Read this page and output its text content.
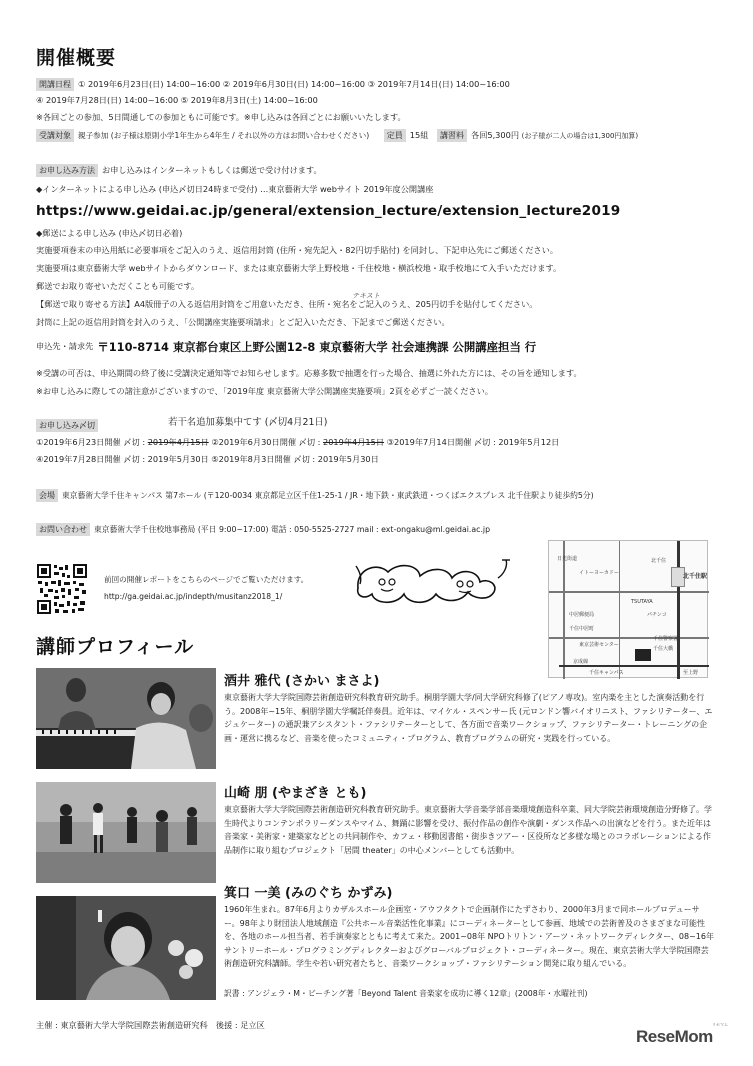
開催概要
開講日程 ① 2019年6月23日(日) 14:00~16:00 ② 2019年6月30日(日) 14:00~16:00 ③ 2019年7月14日(日) 14:00~16:00
④ 2019年7月28日(日) 14:00~16:00 ⑤ 2019年8月3日(土) 14:00~16:00
※各回ごとの参加、5日間通しての参加ともに可能です。※申し込みは各回ごとにお願いいたします。
受講対象 親子参加 (お子様は原則小学1年生から4年生 / それ以外の方はお問い合わせください) 定員 15組 講習料 各回5,300円 (お子様が二人の場合は1,300円加算)
お申し込み方法 お申し込みはインターネットもしくは郵送で受け付けます。
◆インターネットによる申し込み (申込〆切日24時まで受付) …東京藝術大学 webサイト 2019年度公開講座
https://www.geidai.ac.jp/general/extension_lecture/extension_lecture2019
◆郵送による申し込み (申込〆切日必着)
実施要項巻末の申込用紙に必要事項をご記入のうえ、返信用封筒 (住所・宛先記入・82円切手貼付) を同封し、下記申込先にご郵送ください。
実施要項は東京藝術大学 webサイトからダウンロード、または東京藝術大学上野校地・千住校地・横浜校地・取手校地にて入手いただけます。
郵送でお取り寄せいただくことも可能です。
テキスト
【郵送で取り寄せる方法】A4版冊子の入る返信用封筒をご用意いただき、住所・宛名をご記入のうえ、205円切手を貼付してください。
封筒に上記の返信用封筒を封入のうえ、「公開講座実施要項請求」とご記入いただき、下記までご郵送ください。
申込先・請求先 〒110-8714 東京都台東区上野公園12-8 東京藝術大学 社会連携課 公開講座担当 行
※受講の可否は、申込期間の終了後に受講決定通知等でお知らせします。応募多数で抽選を行った場合、抽選に外れた方には、その旨を通知します。
※お申し込みに際しての諸注意がございますので、「2019年度 東京藝術大学公開講座実施要項」2頁を必ずご一読ください。
お申し込み〆切	若干名追加募集中てす (〆切4月21日)
①2019年6月23日開催 〆切 : 2019年4月15日 ②2019年6月30日開催 〆切 : 2019年4月15日 ③2019年7月14日開催 〆切 : 2019年5月12日
④2019年7月28日開催 〆切 : 2019年5月30日 ⑤2019年8月3日開催 〆切 : 2019年5月30日
会場 東京藝術大学千住キャンパス 第7ホール (〒120-0034 東京都足立区千住1-25-1 / JR・地下鉄・東武鉄道・つくばエクスプレス 北千住駅より徒歩約5分)
お問い合わせ 東京藝術大学千住校地事務局 (平日 9:00~17:00) 電話 : 050-5525-2727 mail : ext-ongaku@ml.geidai.ac.jp
前回の開催レポートをこちらのページでご覧いただけます。
http://ga.geidai.ac.jp/indepth/musitanz2018_1/
日光街道
イトーヨーカドー
北千住
TSUTAYA
パチンコ
北千住駅
中居郵便局
千住中居町
東京芸術センター
千住警察署
千住大橋
千住キャンパス
京成線
至上野
講師プロフィール
酒井 雅代 (さかい まさよ)
東京藝術大学大学院国際芸術創造研究科教育研究助手。桐朋学園大学/同大学研究科修了(ピアノ専攻)。室内楽を主とした演奏活動を行う。2008年~15年、桐朋学園大学嘱託伴奏員。近年は、マイケル・スペンサー氏 (元ロンドン響バイオリニスト、ファシリテーター、エジュケーター) の通訳兼アシスタント・ファシリテーターとして、各方面で音楽ワークショップ、ファシリテーター・トレーニングの企画・運営に携るなど、音楽を使ったコミュニティ・プログラム、教育プログラムの研究・実践を行っている。
山崎 朋 (やまざき とも)
東京藝術大学大学院国際芸術創造研究科教育研究助手。東京藝術大学音楽学部音楽環境創造科卒業、同大学院芸術環境創造分野修了。学生時代よりコンテンポラリーダンスやマイム、舞踊に影響を受け、振付作品の創作や演劇・ダンス作品への出演などを行う。また近年は音楽家・美術家・建築家などとの共同制作や、カフェ・移動図書館・街歩きツアー・区役所など多様な場とのコラボレーションによる作品制作に取り組むプロジェクト「居間 theater」の中心メンバーとしても活動中。
箕口 一美 (みのぐち かずみ)
1960年生まれ。87年6月よりカザルスホール企画室・アウフタクトで企画制作にたずさわり、2000年3月まで同ホールプロデューサー。98年より財団法人地域創造『公共ホール音楽活性化事業』にコーディネーターとして参画、地域での芸術普及のさまざまな可能性を、各地のホール担当者、若手演奏家とともに考えて来た。2001~08年 NPOトリトン・アーツ・ネットワークディレクター、08~16年サントリーホール・プログラミングディレクターおよびグローバルプロジェクト・コーディネーター。現在、東京芸術大学大学院国際芸術創造研究科講師。学生や若い研究者たちと、音楽ワークショップ・ファシリテーション開発に取り組んでいる。
訳書 : アンジェラ・M・ビーチング著「Beyond Talent 音楽家を成功に導く12章」(2008年・水曜社刊)
主催 : 東京藝術大学大学院国際芸術創造研究科　後援 : 足立区
ReseMom
リセマム
